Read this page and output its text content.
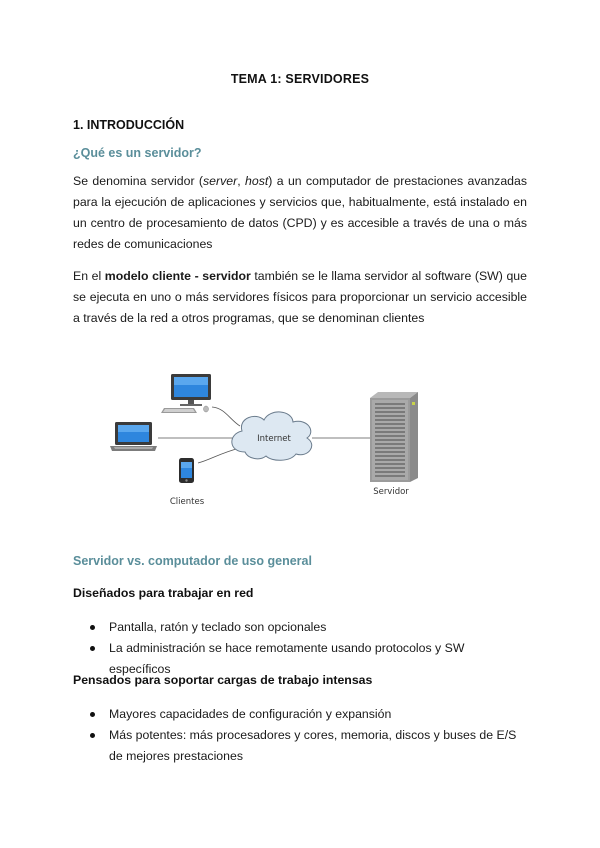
TEMA 1: SERVIDORES
1. INTRODUCCIÓN
¿Qué es un servidor?
Se denomina servidor (server, host) a un computador de prestaciones avanzadas para la ejecución de aplicaciones y servicios que, habitualmente, está instalado en un centro de procesamiento de datos (CPD) y es accesible a través de una o más redes de comunicaciones
En el modelo cliente - servidor también se le llama servidor al software (SW) que se ejecuta en uno o más servidores físicos para proporcionar un servicio accesible a través de la red a otros programas, que se denominan clientes
Internet
Clientes
Servidor
Servidor vs. computador de uso general
Diseñados para trabajar en red
Pantalla, ratón y teclado son opcionales
La administración se hace remotamente usando protocolos y SW específicos
Pensados para soportar cargas de trabajo intensas
Mayores capacidades de configuración y expansión
Más potentes: más procesadores y cores, memoria, discos y buses de E/S de mejores prestaciones
